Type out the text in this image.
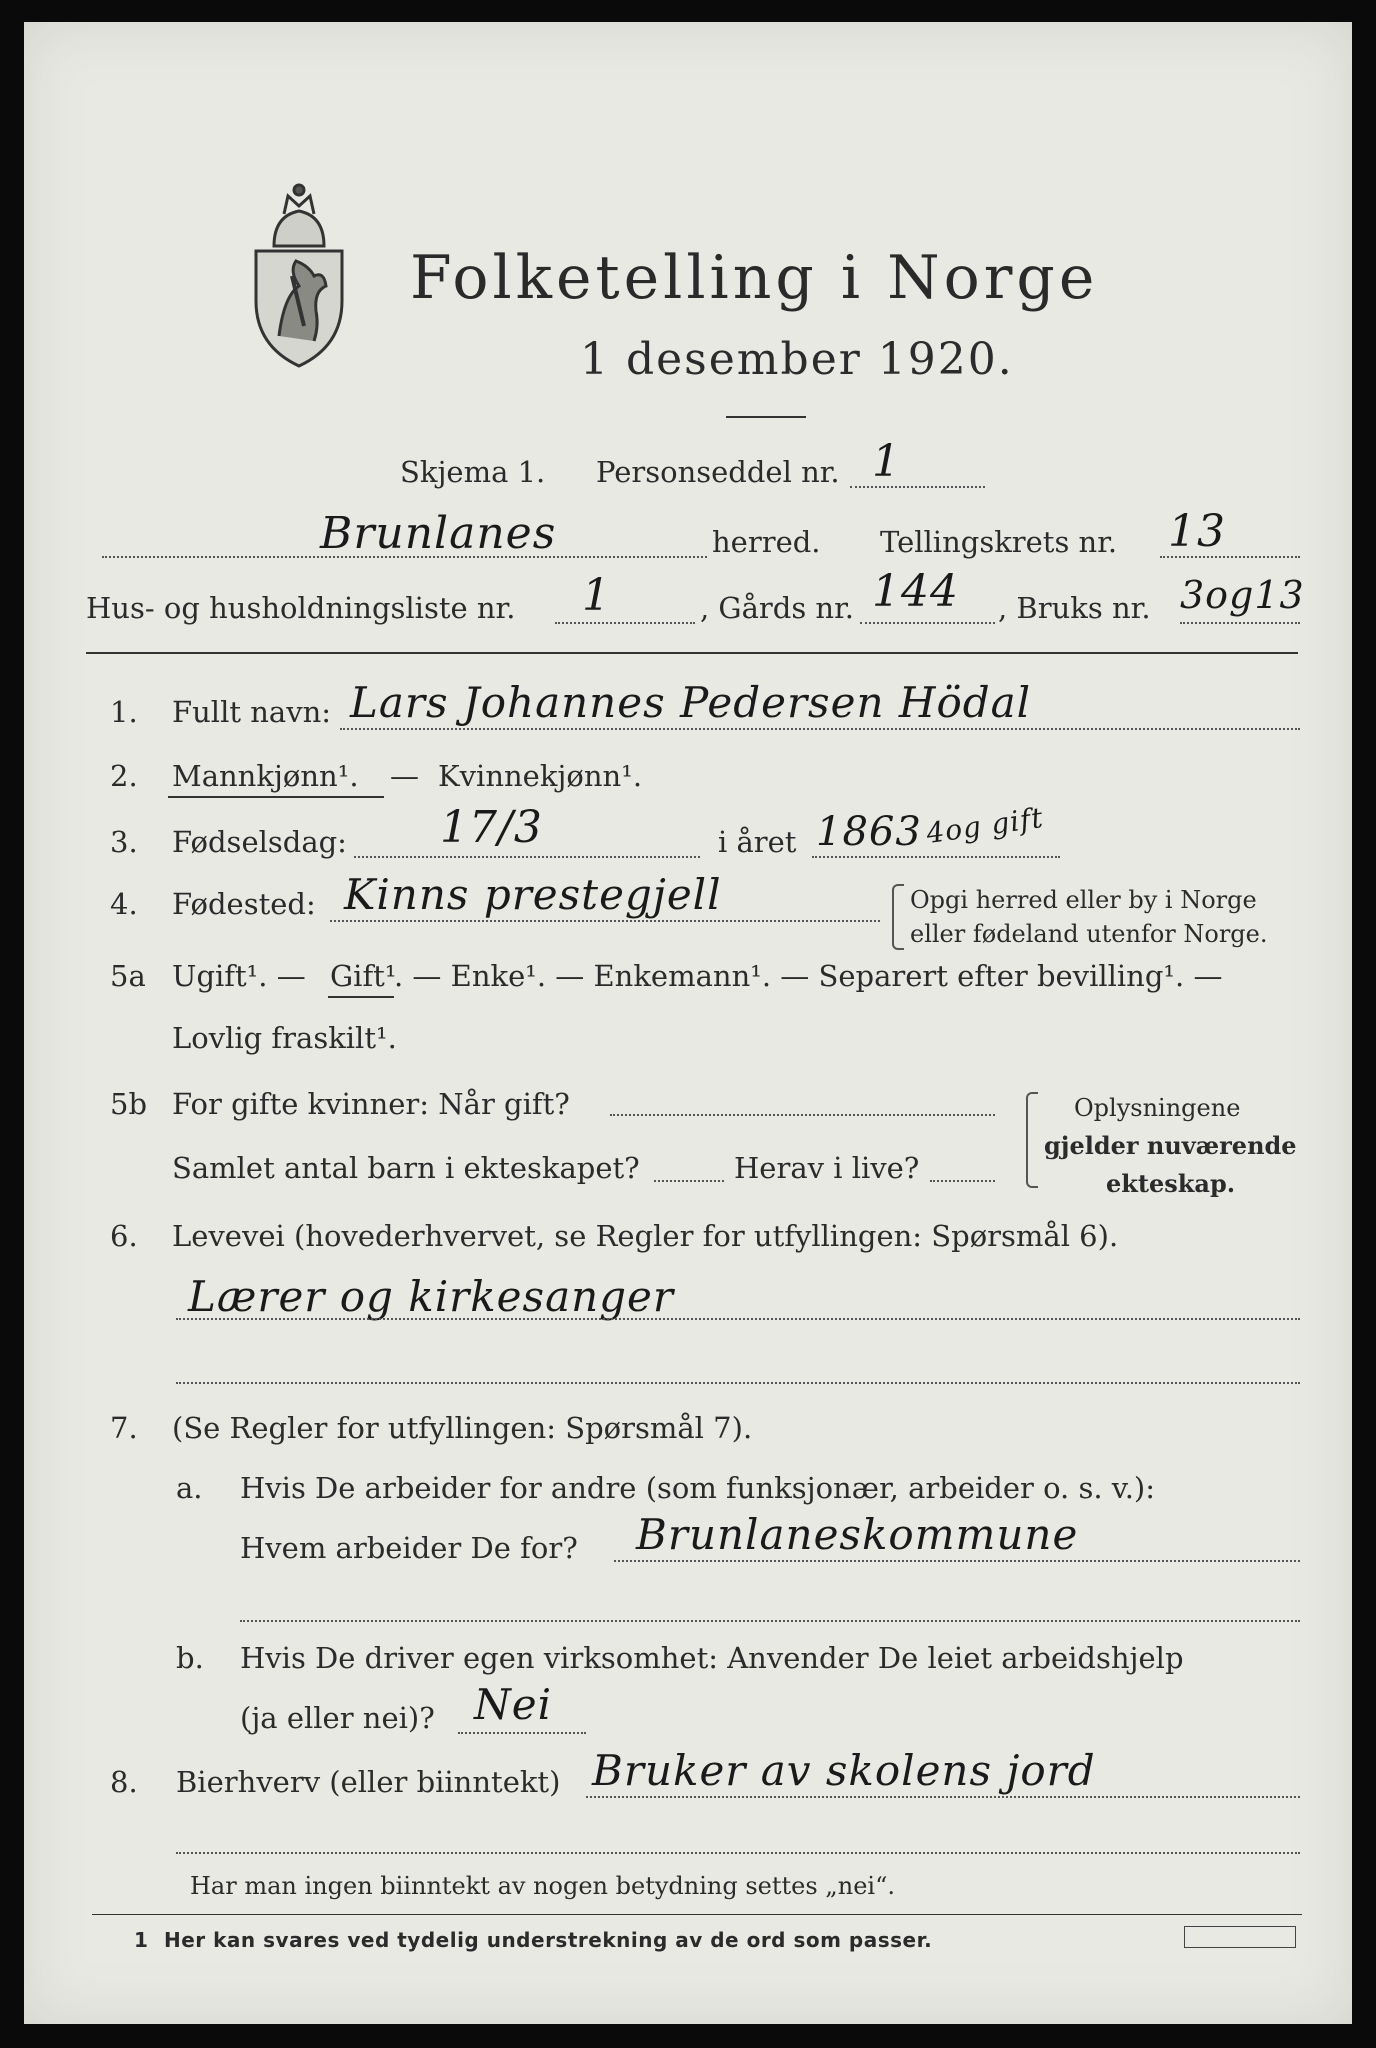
Folketelling i Norge
1 desember 1920.
Skjema 1. Personseddel nr. 1
Brunlanes	herred. Tellingskrets nr. 13
Hus- og husholdningsliste nr. 1	, Gårds nr. 144 , Bruks nr. 3og13
1. Fullt navn: Lars Johannes Pedersen Hödal
2. Mannkjønn¹. — Kvinnekjønn¹.
3. Fødselsdag: 17/3	i året 1863 4og gift
4. Fødested: Kinns prestegjell	Opgi herred eller by i Norge
eller fødeland utenfor Norge.
5a Ugift¹. — Gift¹
. — Enke¹. — Enkemann¹. — Separert efter bevilling¹. —
Lovlig fraskilt¹.
5b For gifte kvinner: Når gift?
Samlet antal barn i ekteskapet?	Herav i live?
Oplysningene
gjelder nuværende
ekteskap.
6. Levevei (hovederhvervet, se Regler for utfyllingen: Spørsmål 6).
Lærer og kirkesanger
7. (Se Regler for utfyllingen: Spørsmål 7).
a. Hvis De arbeider for andre (som funksjonær, arbeider o. s. v.):
Hvem arbeider De for? Brunlaneskommune
b. Hvis De driver egen virksomhet: Anvender De leiet arbeidshjelp
(ja eller nei)? Nei
8. Bierhverv (eller biinntekt) Bruker av skolens jord
Har man ingen biinntekt av nogen betydning settes „nei“.
1 Her kan svares ved tydelig understrekning av de ord som passer.
